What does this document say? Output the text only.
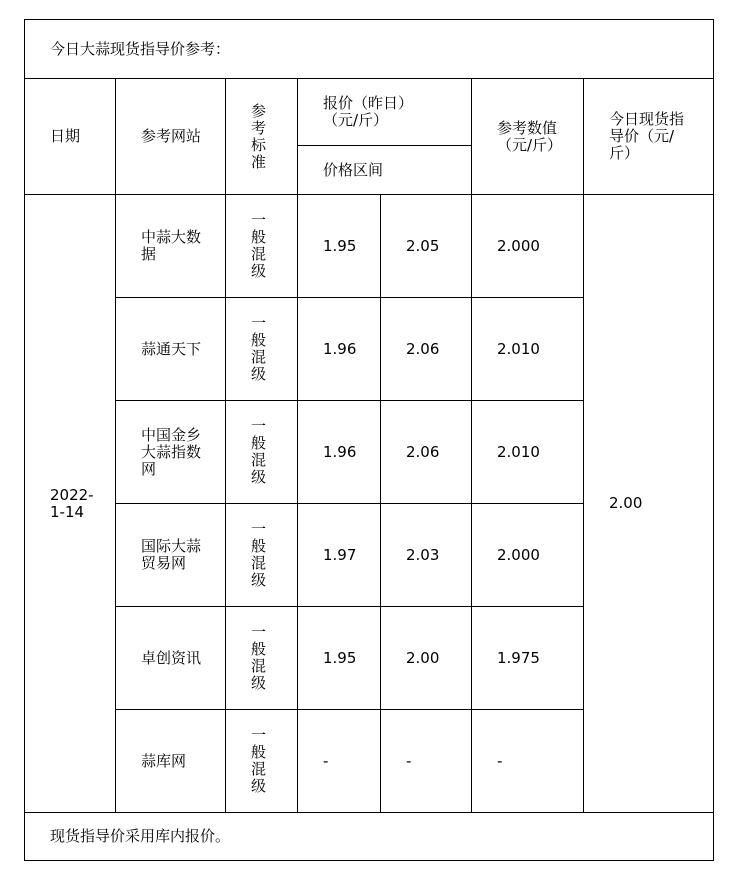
今日大蒜现货指导价参考：						
日期	参考网站	参考标准	报价（昨日）（元/斤）		参考数值（元/斤）	今日现货指导价（元/斤）

			价格区间			

2022-1-14	中蒜大数据	一般混级	1.95	2.05	2.000	2.00

	蒜通天下	一般混级	1.96	2.06	2.010	

	中国金乡大蒜指数网	一般混级	1.96	2.06	2.010	

	国际大蒜贸易网	一般混级	1.97	2.03	2.000	

	卓创资讯	一般混级	1.95	2.00	1.975	

	蒜库网	一般混级	-	-	-	
现货指导价采用库内报价。						
